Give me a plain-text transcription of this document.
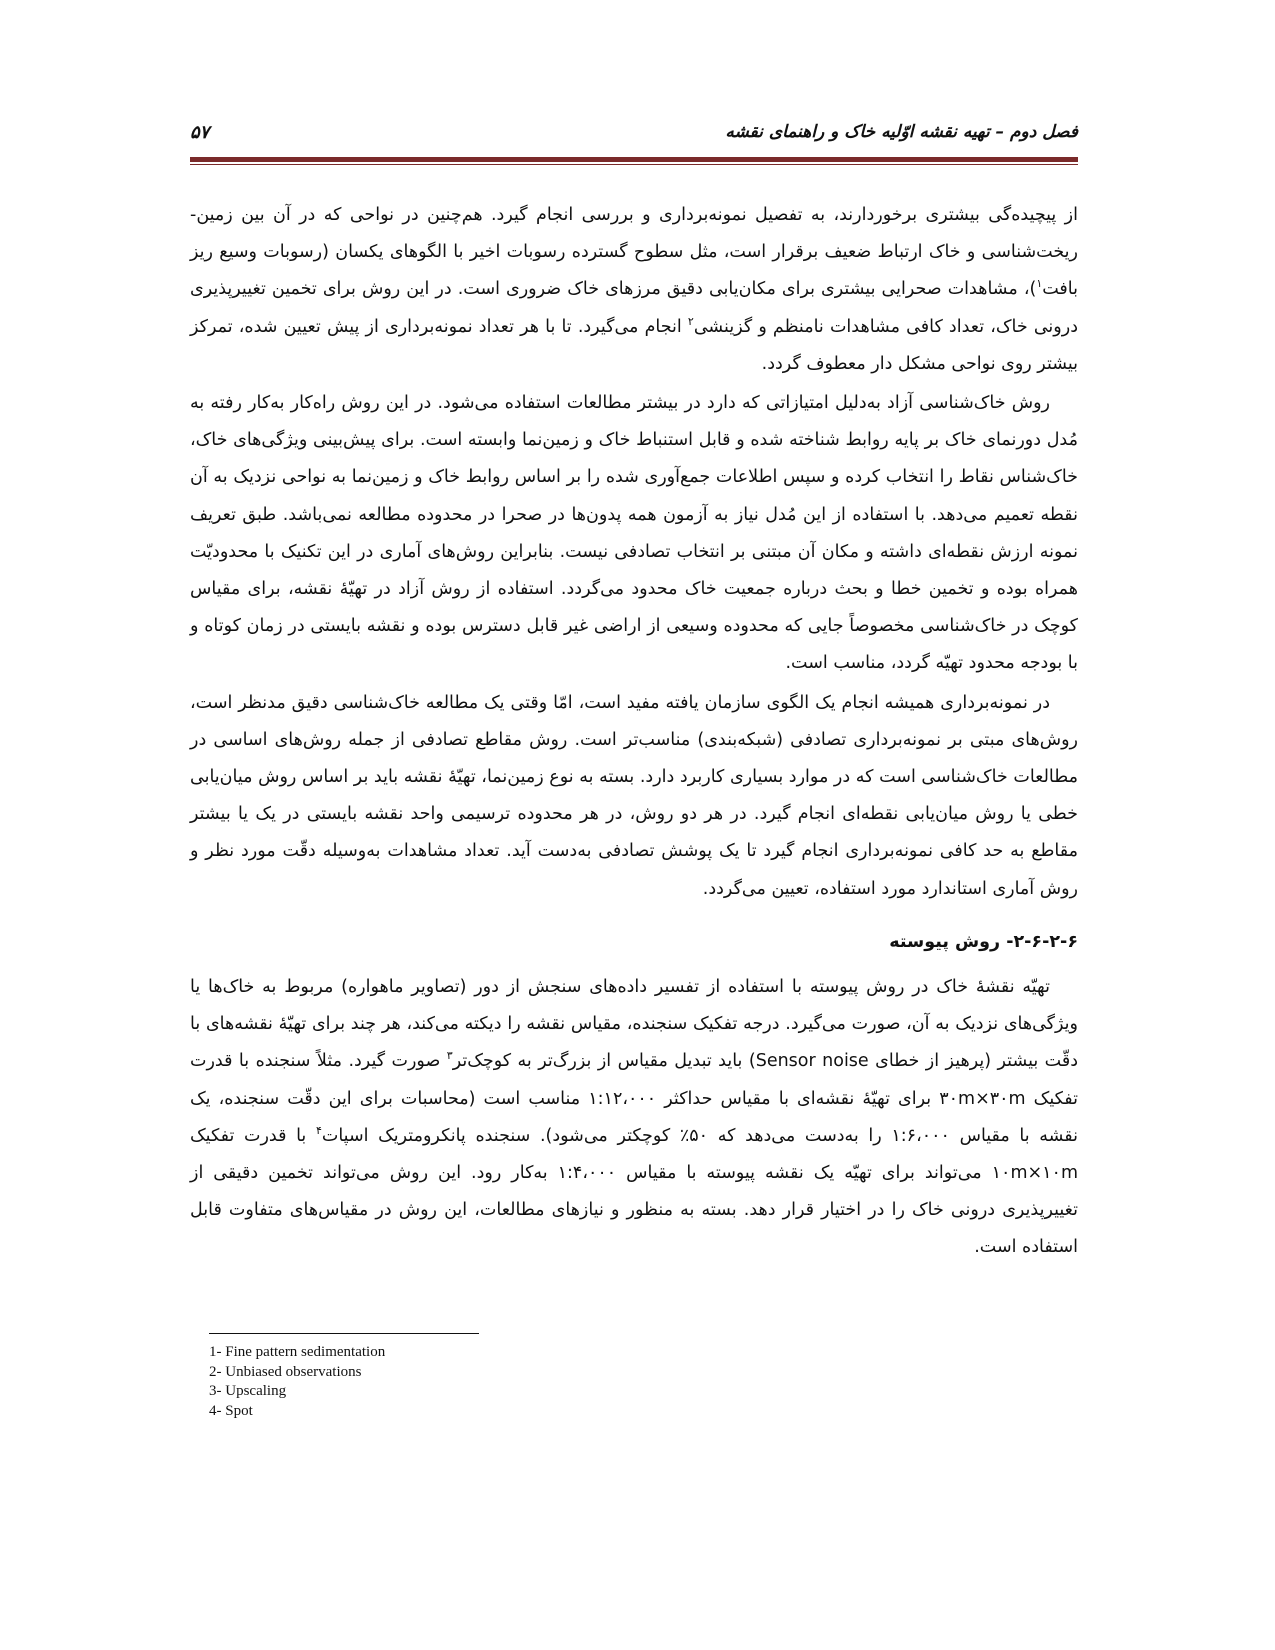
فصل دوم – تهیه نقشه اوّلیه خاک و راهنمای نقشه
۵۷

از پیچیده‌گی بیشتری برخوردارند، به تفصیل نمونه‌برداری و بررسی انجام گیرد. هم‌چنین در نواحی که در آن بین زمین‌- ریخت‌شناسی و خاک ارتباط ضعیف برقرار است، مثل سطوح گسترده رسوبات اخیر با الگوهای یکسان (رسوبات وسیع ریز بافت$^۱$)، مشاهدات صحرایی بیشتری برای مکان‌یابی دقیق مرزهای خاک ضروری است. در این روش برای تخمین تغییرپذیری درونی خاک، تعداد کافی مشاهدات نامنظم و گزینشی$^۲$ انجام می‌گیرد. تا با هر تعداد نمونه‌برداری از پیش تعیین شده، تمرکز بیشتر روی نواحی مشکل دار معطوف گردد.

روش خاک‌شناسی آزاد به‌دلیل امتیازاتی که دارد در بیشتر مطالعات استفاده می‌شود. در این روش راه‌کار به‌کار رفته به مُدل دورنمای خاک بر پایه روابط شناخته شده و قابل استنباط خاک و زمین‌نما وابسته است. برای پیش‌بینی ویژگی‌های خاک، خاک‌شناس نقاط را انتخاب کرده و سپس اطلاعات جمع‌آوری شده را بر اساس روابط خاک و زمین‌نما به نواحی نزدیک به آن نقطه تعمیم می‌دهد. با استفاده از این مُدل نیاز به آزمون همه پدون‌ها در صحرا در محدوده مطالعه نمی‌باشد. طبق تعریف نمونه ارزش نقطه‌ای داشته و مکان آن مبتنی بر انتخاب تصادفی نیست. بنابراین روش‌های آماری در این تکنیک با محدودیّت همراه بوده و تخمین خطا و بحث درباره جمعیت خاک محدود می‌گردد. استفاده از روش آزاد در تهیّهٔ نقشه، برای مقیاس کوچک در خاک‌شناسی مخصوصاً جایی که محدوده وسیعی از اراضی غیر قابل دسترس بوده و نقشه بایستی در زمان کوتاه و با بودجه محدود تهیّه گردد، مناسب است.

در نمونه‌برداری همیشه انجام یک الگوی سازمان یافته مفید است، امّا وقتی یک مطالعه خاک‌شناسی دقیق مدنظر است، روش‌های مبتی بر نمونه‌برداری تصادفی (شبکه‌بندی) مناسب‌تر است. روش مقاطع تصادفی از جمله روش‌های اساسی در مطالعات خاک‌شناسی است که در موارد بسیاری کاربرد دارد. بسته به نوع زمین‌نما، تهیّهٔ نقشه باید بر اساس روش میان‌یابی خطی یا روش میان‌یابی نقطه‌ای انجام گیرد. در هر دو روش، در هر محدوده ترسیمی واحد نقشه بایستی در یک یا بیشتر مقاطع به حد کافی نمونه‌برداری انجام گیرد تا یک پوشش تصادفی به‌دست آید. تعداد مشاهدات به‌وسیله دقّت مورد نظر و روش آماری استاندارد مورد استفاده، تعیین می‌گردد.

۲-۶-۲-۶- روش پیوسته

تهیّه نقشهٔ خاک در روش پیوسته با استفاده از تفسیر داده‌های سنجش از دور (تصاویر ماهواره) مربوط به خاک‌ها یا ویژگی‌های نزدیک به آن، صورت می‌گیرد. درجه تفکیک سنجنده، مقیاس نقشه را دیکته می‌کند، هر چند برای تهیّهٔ نقشه‌های با دقّت بیشتر (پرهیز از خطای Sensor noise) باید تبدیل مقیاس از بزرگ‌تر به کوچک‌تر$^۳$ صورت گیرد. مثلاً سنجنده با قدرت تفکیک ۳۰m×۳۰m برای تهیّهٔ نقشه‌ای با مقیاس حداکثر ۱:۱۲،۰۰۰ مناسب است (محاسبات برای این دقّت سنجنده، یک نقشه با مقیاس ۱:۶،۰۰۰ را به‌دست می‌دهد که ۵۰٪ کوچکتر می‌شود). سنجنده پانکرومتریک اسپات$^۴$ با قدرت تفکیک ۱۰m×۱۰m می‌تواند برای تهیّه یک نقشه پیوسته با مقیاس ۱:۴،۰۰۰ به‌کار رود. این روش می‌تواند تخمین دقیقی از تغییرپذیری درونی خاک را در اختیار قرار دهد. بسته به منظور و نیازهای مطالعات، این روش در مقیاس‌های متفاوت قابل استفاده است.

1- Fine pattern sedimentation
2- Unbiased observations
3- Upscaling
4- Spot
